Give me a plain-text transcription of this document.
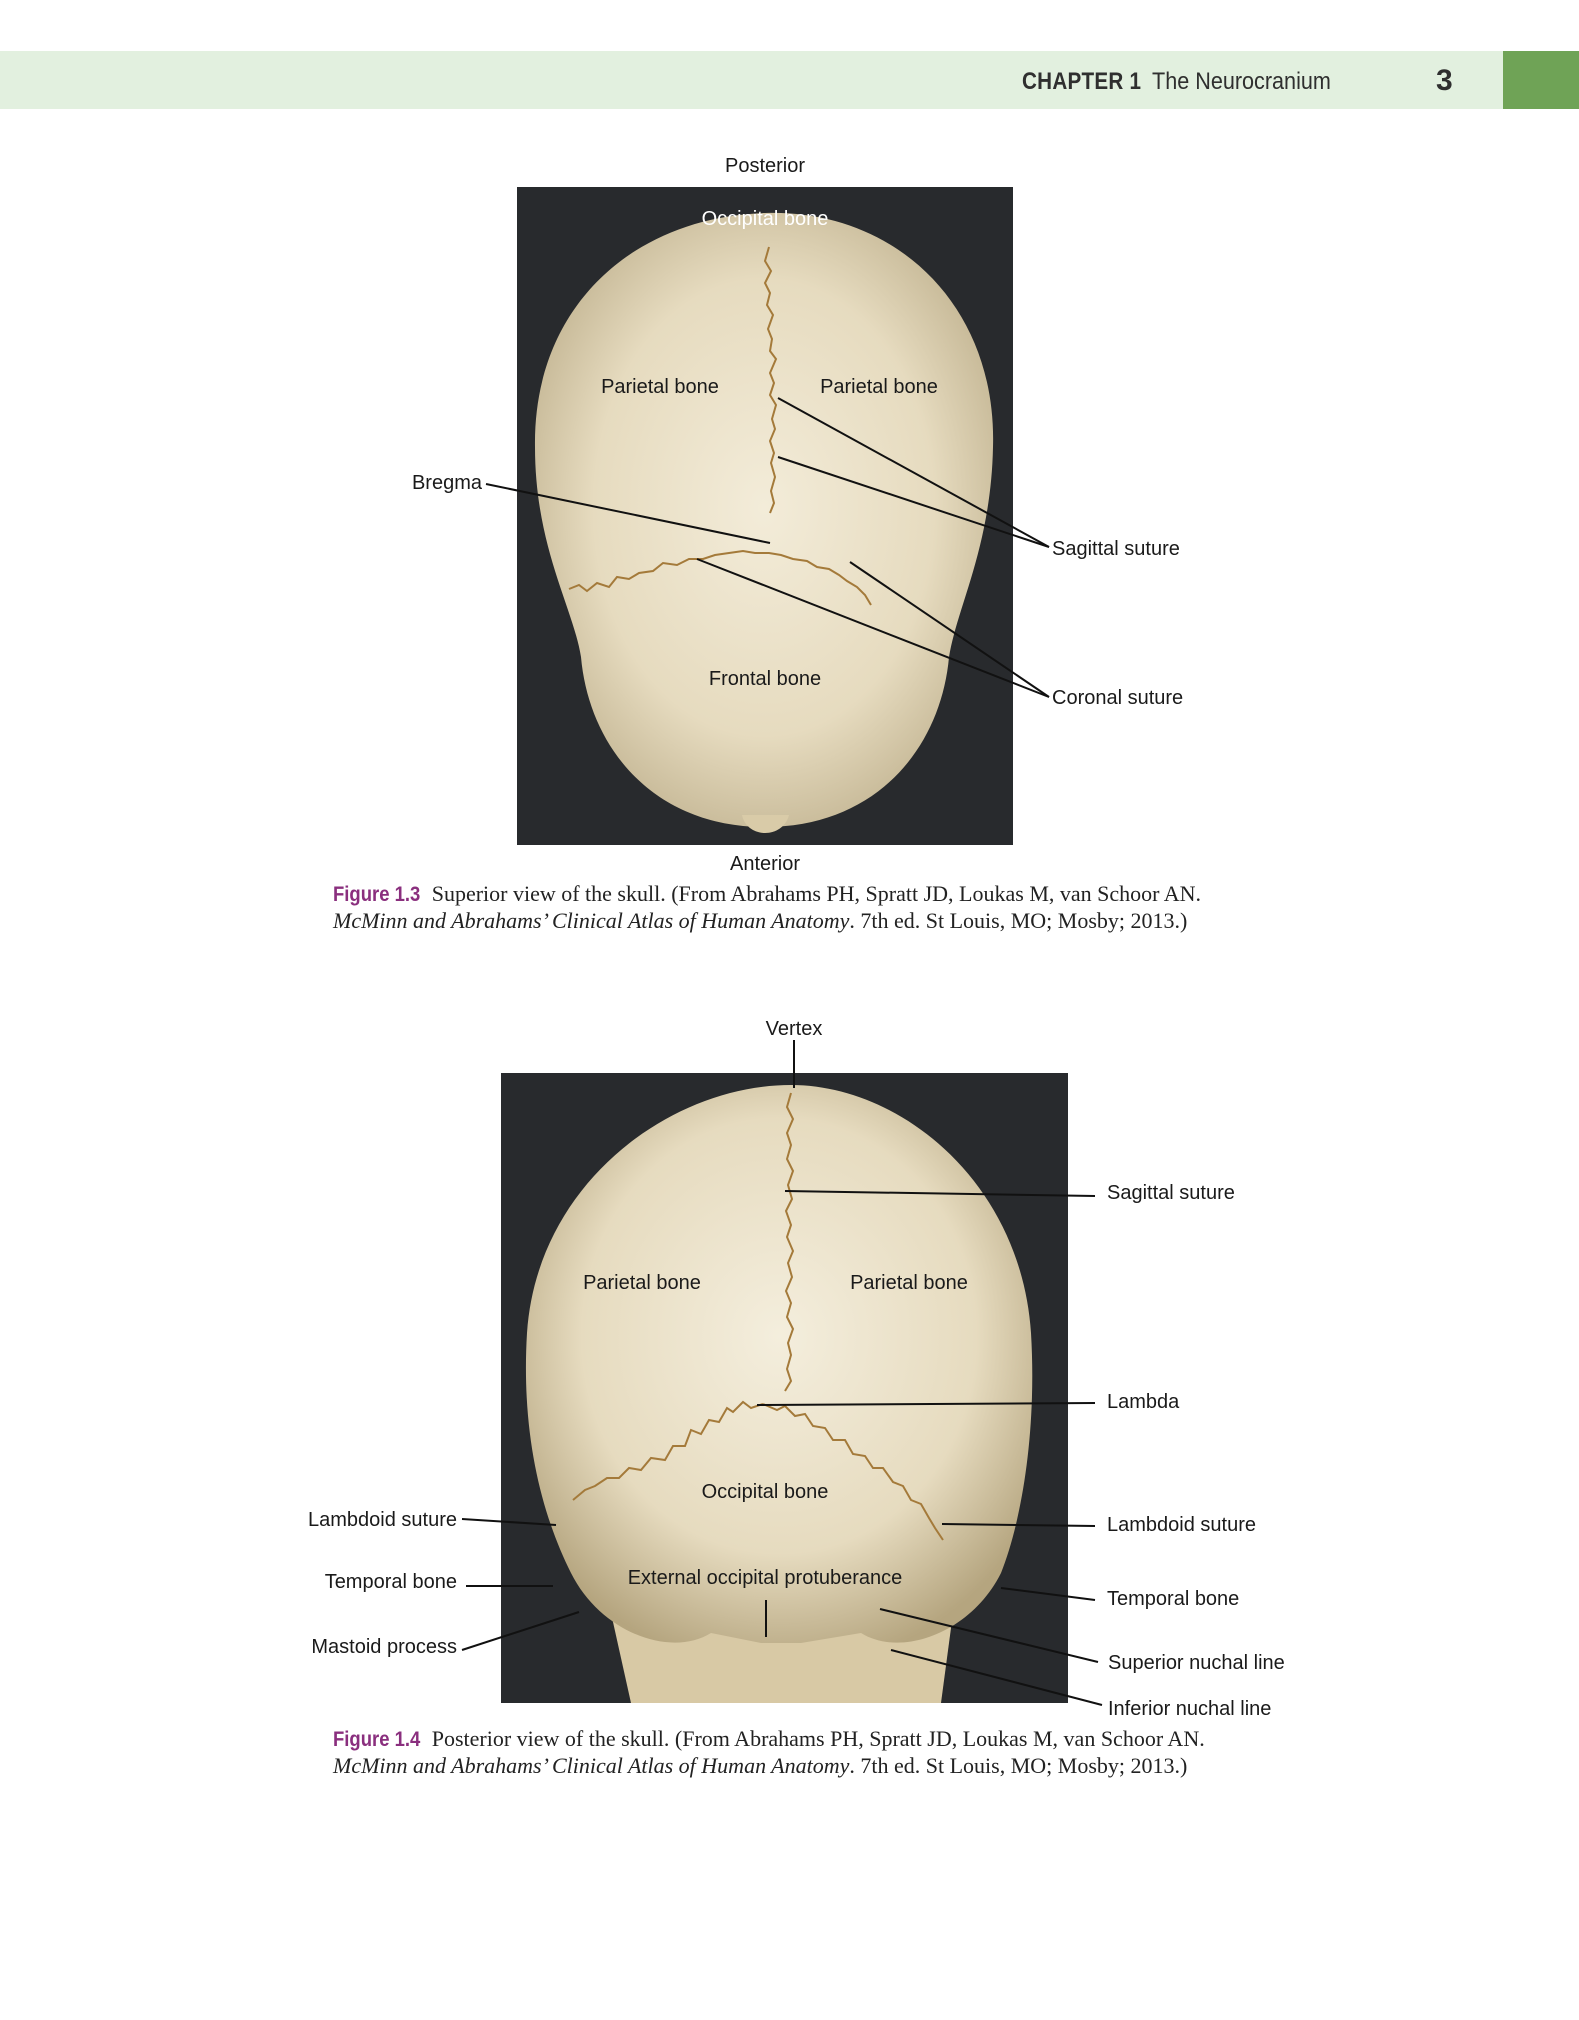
CHAPTER 1 The Neurocranium	3
Posterior
Occipital bone
Parietal bone	Parietal bone
Bregma
Sagittal suture
Frontal bone
Coronal suture
Anterior
Figure 1.3 Superior view of the skull. (From Abrahams PH, Spratt JD, Loukas M, van Schoor AN.
McMinn and Abrahams’ Clinical Atlas of Human Anatomy. 7th ed. St Louis, MO; Mosby; 2013.)
Vertex
Sagittal suture
Parietal bone	Parietal bone
Lambda
Occipital bone
Lambdoid suture	Lambdoid suture
Temporal bone	External occipital protuberance
Temporal bone
Mastoid process
Superior nuchal line
Inferior nuchal line
Figure 1.4 Posterior view of the skull. (From Abrahams PH, Spratt JD, Loukas M, van Schoor AN.
McMinn and Abrahams’ Clinical Atlas of Human Anatomy. 7th ed. St Louis, MO; Mosby; 2013.)
